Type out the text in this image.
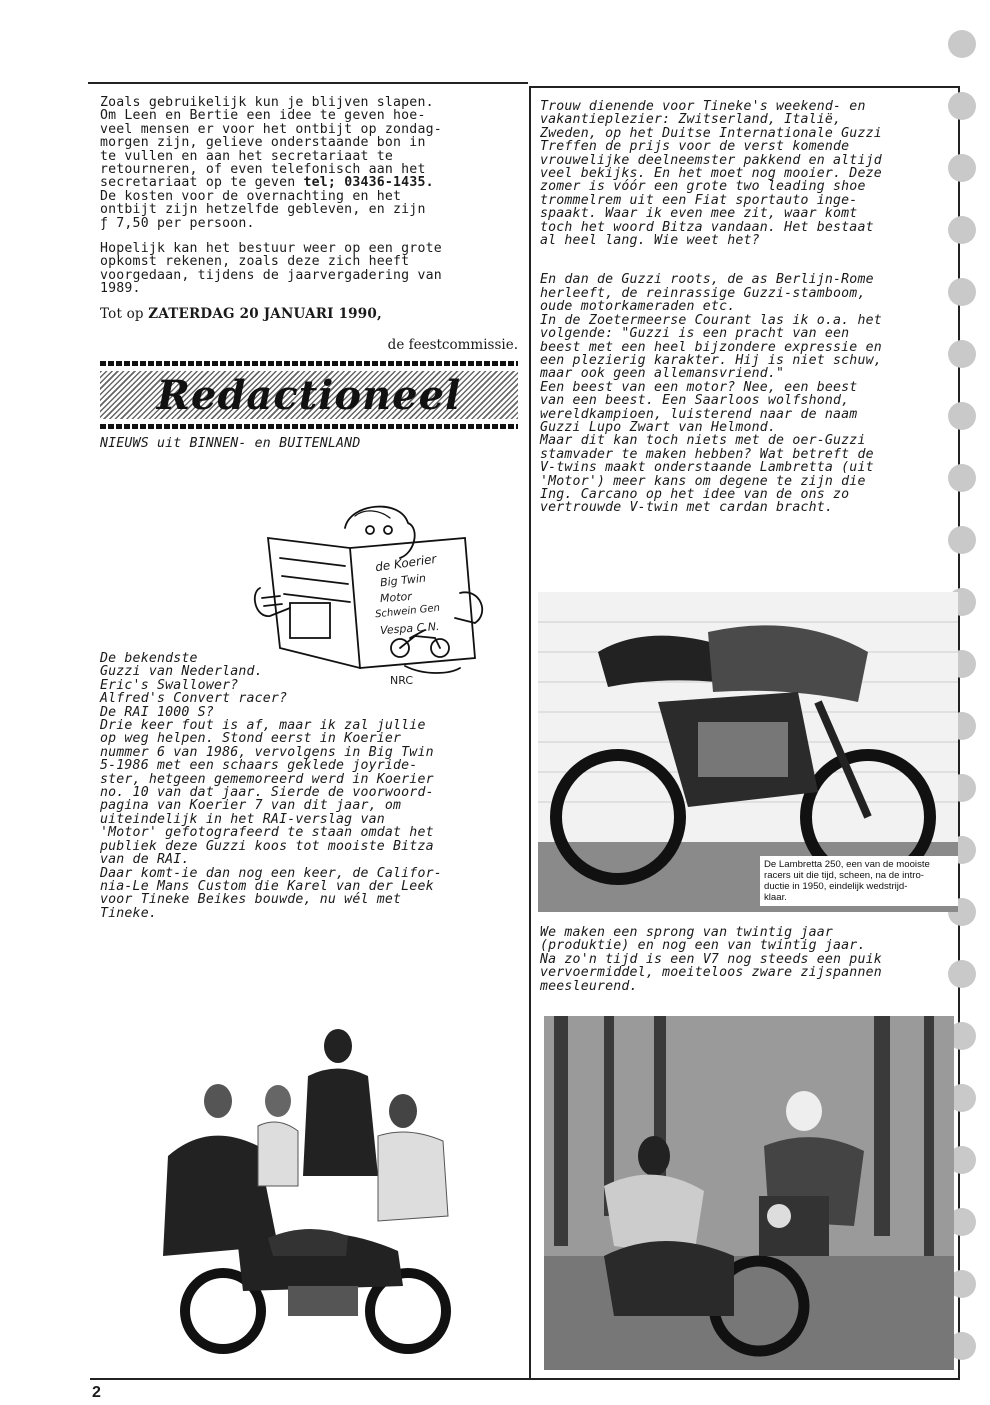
Zoals gebruikelijk kun je blijven slapen.
Om Leen en Bertie een idee te geven hoe-
veel mensen er voor het ontbijt op zondag-
morgen zijn, gelieve onderstaande bon in
te vullen en aan het secretariaat te
retourneren, of even telefonisch aan het
secretariaat op te geven tel; 03436-1435.

De kosten voor de overnachting en het
ontbijt zijn hetzelfde gebleven, en zijn
ƒ 7,50 per persoon.

Hopelijk kan het bestuur weer op een grote
opkomst rekenen, zoals deze zich heeft
voorgedaan, tijdens de jaarvergadering van
1989.

Tot op ZATERDAG 20 JANUARI 1990,

de feestcommissie.
Redactioneel

NIEUWS uit BINNEN- en BUITENLAND

de Koerier
Big Twin
Motor
Schwein Gen
Vespa C.N.
NRC

De bekendste
Guzzi van Nederland.
Eric's Swallower?
Alfred's Convert racer?
De RAI 1000 S?

Drie keer fout is af, maar ik zal jullie
op weg helpen. Stond eerst in Koerier
nummer 6 van 1986, vervolgens in Big Twin
5-1986 met een schaars geklede joyride-
ster, hetgeen gememoreerd werd in Koerier
no. 10 van dat jaar. Sierde de voorwoord-
pagina van Koerier 7 van dit jaar, om
uiteindelijk in het RAI-verslag van
'Motor' gefotografeerd te staan omdat het
publiek deze Guzzi koos tot mooiste Bitza
van de RAI.
Daar komt-ie dan nog een keer, de Califor-
nia-Le Mans Custom die Karel van der Leek
voor Tineke Beikes bouwde, nu wél met
Tineke.

Trouw dienende voor Tineke's weekend- en
vakantieplezier: Zwitserland, Italië,
Zweden, op het Duitse Internationale Guzzi
Treffen de prijs voor de verst komende
vrouwelijke deelneemster pakkend en altijd
veel bekijks. En het moet nog mooier. Deze
zomer is vóór een grote two leading shoe
trommelrem uit een Fiat sportauto inge-
spaakt. Waar ik even mee zit, waar komt
toch het woord Bitza vandaan. Het bestaat
al heel lang. Wie weet het?

En dan de Guzzi roots, de as Berlijn-Rome
herleeft, de reinrassige Guzzi-stamboom,
oude motorkameraden etc.
In de Zoetermeerse Courant las ik o.a. het
volgende: "Guzzi is een pracht van een
beest met een heel bijzondere expressie en
een plezierig karakter. Hij is niet schuw,
maar ook geen allemansvriend."
Een beest van een motor? Nee, een beest
van een beest. Een Saarloos wolfshond,
wereldkampioen, luisterend naar de naam
Guzzi Lupo Zwart van Helmond.
Maar dit kan toch niets met de oer-Guzzi
stamvader te maken hebben? Wat betreft de
V-twins maakt onderstaande Lambretta (uit
'Motor') meer kans om degene te zijn die
Ing. Carcano op het idee van de ons zo
vertrouwde V-twin met cardan bracht.

De Lambretta 250, een van de mooiste
racers uit die tijd, scheen, na de intro-
ductie in 1950, eindelijk wedstrijd-
klaar.

We maken een sprong van twintig jaar
(produktie) en nog een van twintig jaar.
Na zo'n tijd is een V7 nog steeds een puik
vervoermiddel, moeiteloos zware zijspannen
meesleurend.

2
